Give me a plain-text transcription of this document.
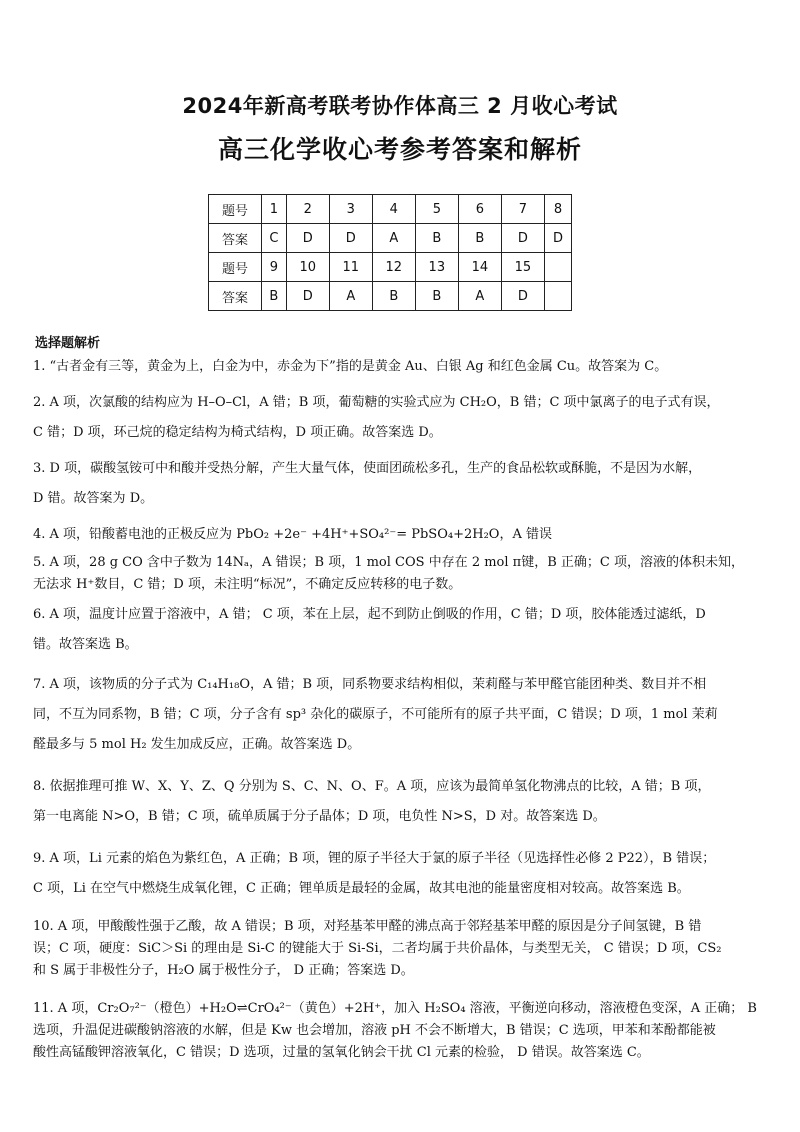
2024年新高考联考协作体高三 2 月收心考试
高三化学收心考参考答案和解析
题号	1	2	3	4	5	6	7	8
答案	C	D	D	A	B	B	D	D
题号	9	10	11	12	13	14	15	
答案	B	D	A	B	B	A	D	
选择题解析

1. “古者金有三等，黄金为上，白金为中，赤金为下”指的是黄金 Au、白银 Ag 和红色金属 Cu。故答案为 C。

2. A 项，次氯酸的结构应为 H–O–Cl，A 错；B 项，葡萄糖的实验式应为 CH₂O，B 错；C 项中氯离子的电子式有误，
C 错；D 项，环己烷的稳定结构为椅式结构，D 项正确。故答案选 D。

3. D 项，碳酸氢铵可中和酸并受热分解，产生大量气体，使面团疏松多孔，生产的食品松软或酥脆，不是因为水解，
D 错。故答案为 D。

4. A 项，铅酸蓄电池的正极反应为 PbO₂ +2e⁻ +4H⁺+SO₄²⁻= PbSO₄+2H₂O，A 错误

5. A 项，28 g CO 含中子数为 14Nₐ，A 错误；B 项，1 mol COS 中存在 2 mol π键，B 正确；C 项，溶液的体积未知，
无法求 H⁺数目，C 错；D 项，未注明“标况”，不确定反应转移的电子数。

6. A 项，温度计应置于溶液中，A 错； C 项，苯在上层，起不到防止倒吸的作用，C 错；D 项，胶体能透过滤纸，D
错。故答案选 B。

7. A 项，该物质的分子式为 C₁₄H₁₈O，A 错；B 项，同系物要求结构相似，茉莉醛与苯甲醛官能团种类、数目并不相
同，不互为同系物，B 错；C 项，分子含有 sp³ 杂化的碳原子，不可能所有的原子共平面，C 错误；D 项，1 mol 茉莉
醛最多与 5 mol H₂ 发生加成反应，正确。故答案选 D。

8. 依据推理可推 W、X、Y、Z、Q 分别为 S、C、N、O、F。A 项，应该为最简单氢化物沸点的比较，A 错；B 项，
第一电离能 N>O，B 错；C 项，硫单质属于分子晶体；D 项，电负性 N>S，D 对。故答案选 D。

9. A 项，Li 元素的焰色为紫红色，A 正确；B 项，锂的原子半径大于氯的原子半径（见选择性必修 2 P22），B 错误；
C 项，Li 在空气中燃烧生成氧化锂，C 正确；锂单质是最轻的金属，故其电池的能量密度相对较高。故答案选 B。

10. A 项，甲酸酸性强于乙酸，故 A 错误；B 项，对羟基苯甲醛的沸点高于邻羟基苯甲醛的原因是分子间氢键，B 错
误；C 项，硬度：SiC＞Si 的理由是 Si-C 的键能大于 Si-Si，二者均属于共价晶体，与类型无关， C 错误；D 项，CS₂
和 S 属于非极性分子，H₂O 属于极性分子， D 正确；答案选 D。

11. A 项，Cr₂O₇²⁻（橙色）+H₂O⇌CrO₄²⁻（黄色）+2H⁺，加入 H₂SO₄ 溶液，平衡逆向移动，溶液橙色变深，A 正确； B
选项，升温促进碳酸钠溶液的水解，但是 Kw 也会增加，溶液 pH 不会不断增大，B 错误；C 选项，甲苯和苯酚都能被
酸性高锰酸钾溶液氧化，C 错误；D 选项，过量的氢氧化钠会干扰 Cl 元素的检验， D 错误。故答案选 C。
